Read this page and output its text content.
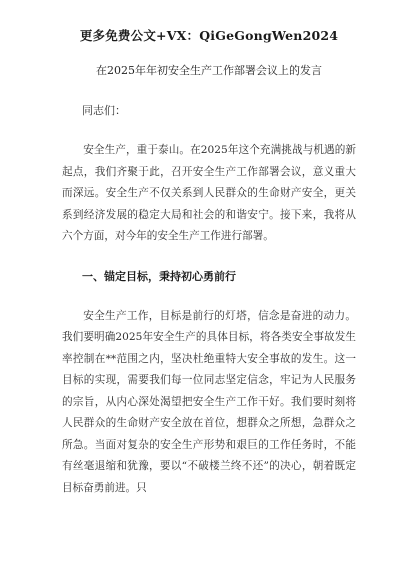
更多免费公文+VX：QiGeGongWen2024
在2025年年初安全生产工作部署会议上的发言
同志们：

安全生产，重于泰山。在2025年这个充满挑战与机遇的新起点，我们齐聚于此，召开安全生产工作部署会议，意义重大而深远。安全生产不仅关系到人民群众的生命财产安全，更关系到经济发展的稳定大局和社会的和谐安宁。接下来，我将从六个方面，对今年的安全生产工作进行部署。

一、锚定目标，秉持初心勇前行

安全生产工作，目标是前行的灯塔，信念是奋进的动力。我们要明确2025年安全生产的具体目标，将各类安全事故发生率控制在**范围之内，坚决杜绝重特大安全事故的发生。这一目标的实现，需要我们每一位同志坚定信念，牢记为人民服务的宗旨，从内心深处渴望把安全生产工作干好。我们要时刻将人民群众的生命财产安全放在首位，想群众之所想，急群众之所急。当面对复杂的安全生产形势和艰巨的工作任务时，不能有丝毫退缩和犹豫，要以“不破楼兰终不还”的决心，朝着既定目标奋勇前进。只
